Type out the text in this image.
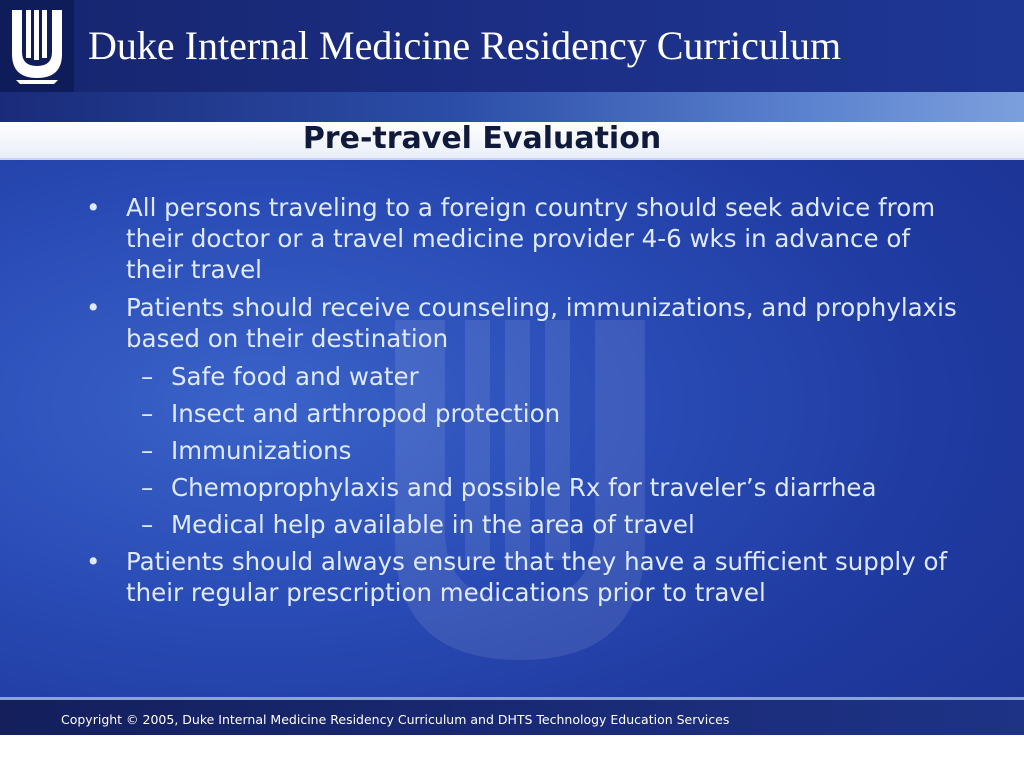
Duke Internal Medicine Residency Curriculum
Pre-travel Evaluation
• All persons traveling to a foreign country should seek advice from their doctor or a travel medicine provider 4-6 wks in advance of their travel
• Patients should receive counseling, immunizations, and prophylaxis based on their destination
– Safe food and water
– Insect and arthropod protection
– Immunizations
– Chemoprophylaxis and possible Rx for traveler’s diarrhea
– Medical help available in the area of travel
• Patients should always ensure that they have a sufficient supply of their regular prescription medications prior to travel
Copyright © 2005, Duke Internal Medicine Residency Curriculum and DHTS Technology Education Services
